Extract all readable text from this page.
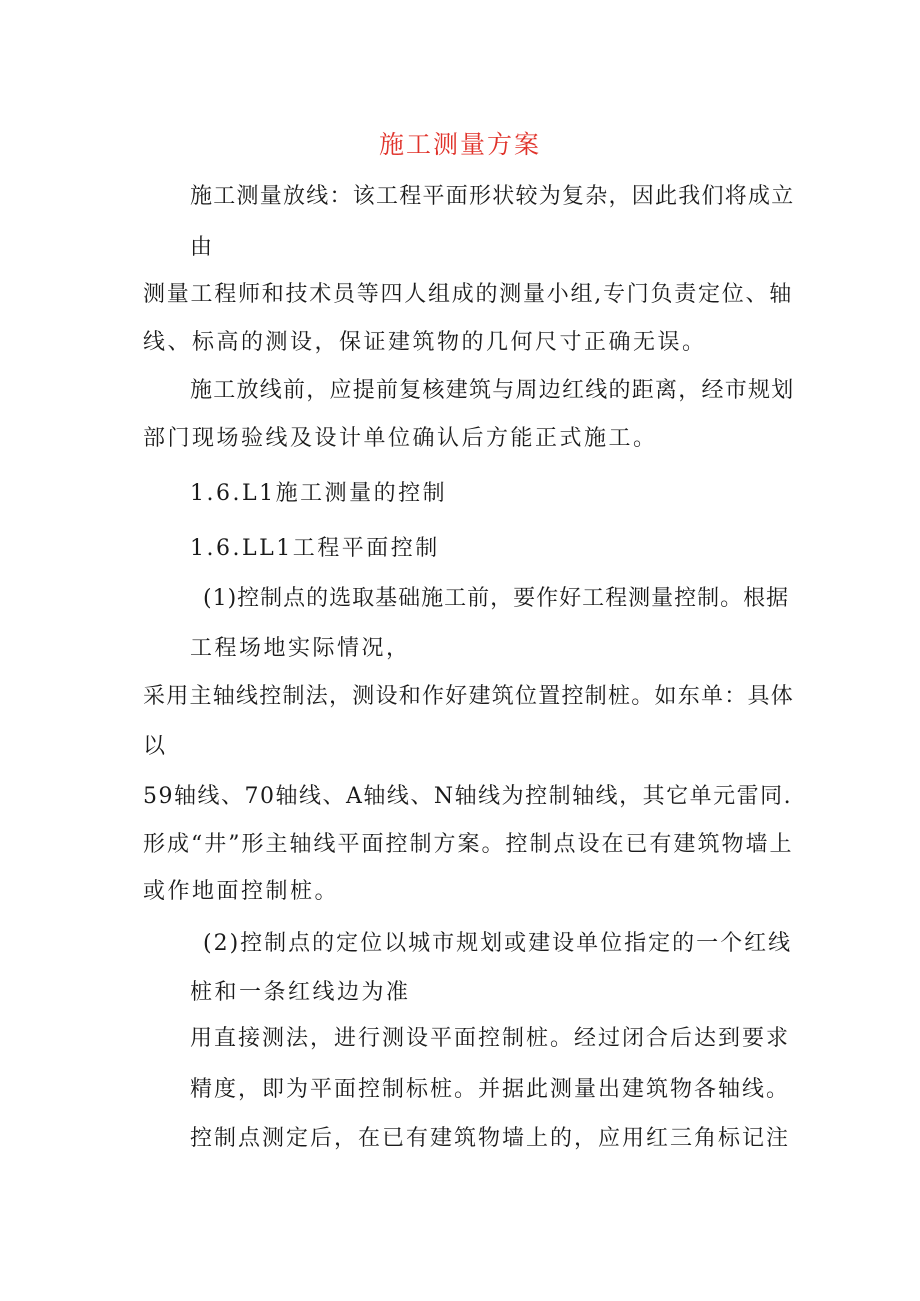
施工测量方案
施工测量放线：该工程平面形状较为复杂，因此我们将成立
由
测量工程师和技术员等四人组成的测量小组,专门负责定位、轴
线、标高的测设，保证建筑物的几何尺寸正确无误。
施工放线前，应提前复核建筑与周边红线的距离，经市规划
部门现场验线及设计单位确认后方能正式施工。
1.6.L1施工测量的控制
1.6.LL1工程平面控制
(1)控制点的选取基础施工前，要作好工程测量控制。根据
工程场地实际情况，
采用主轴线控制法，测设和作好建筑位置控制桩。如东单：具体
以
59轴线、70轴线、A轴线、N轴线为控制轴线，其它单元雷同.
形成“井”形主轴线平面控制方案。控制点设在已有建筑物墙上
或作地面控制桩。
(2)控制点的定位以城市规划或建设单位指定的一个红线
桩和一条红线边为准
用直接测法，进行测设平面控制桩。经过闭合后达到要求
精度，即为平面控制标桩。并据此测量出建筑物各轴线。
控制点测定后，在已有建筑物墙上的，应用红三角标记注
